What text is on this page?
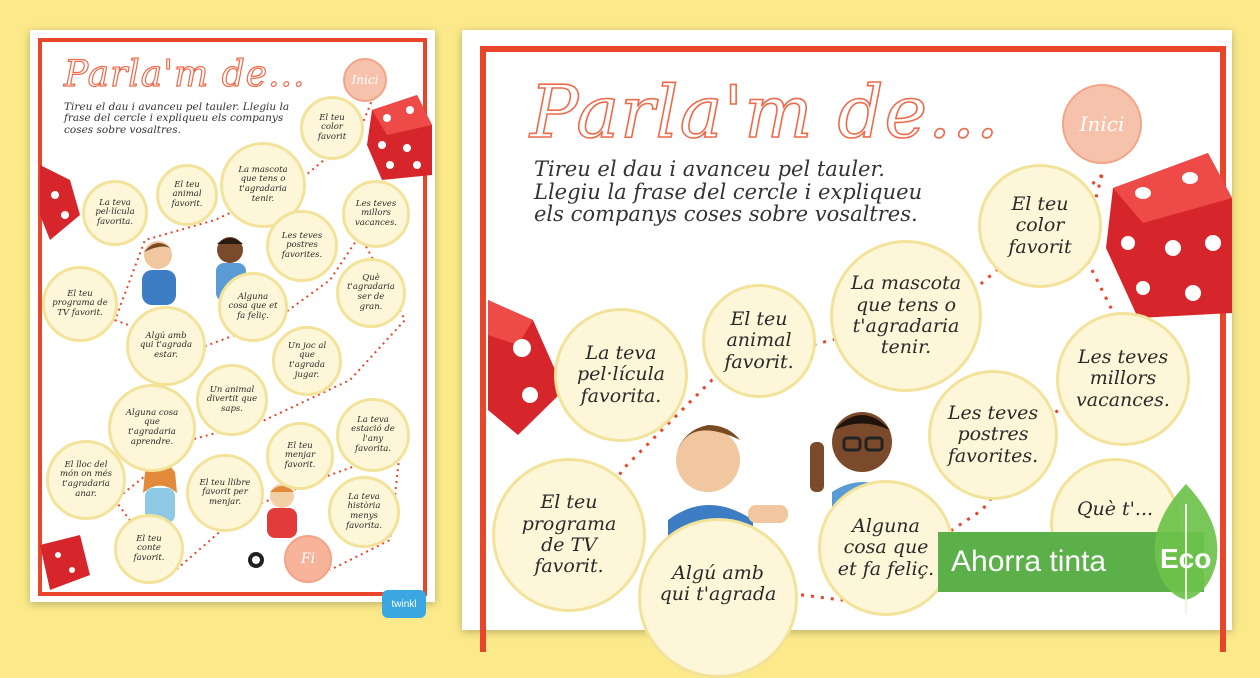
Parla'm de...	Inici
Tireu el dau i avanceu pel tauler. Llegiu la frase del cercle i expliqueu els companys coses sobre vosaltres.
Fi
twinkl
El teu color favorit
La mascota que tens o t'agradaria tenir.
El teu animal favorit.
La teva pel·lícula favorita.
Les teves millors vacances.
Les teves postres favorites.
El teu programa de TV favorit.
Què t'agradaria ser de gran.
Alguna cosa que et fa feliç.
Algú amb qui t'agrada estar.
Un joc al que t'agrada jugar.
Un animal divertit que saps.
Alguna cosa que t'agradaria aprendre.
La teva estació de l'any favorita.
El teu menjar favorit.
El lloc del món on més t'agradaria anar.
El teu llibre favorit per menjar.	La teva història menys favorita.
El teu conte favorit.
Parla'm de...	Inici
Tireu el dau i avanceu pel tauler. Llegiu la frase del cercle i expliqueu els companys coses sobre vosaltres.	El teu color favorit
La mascota que tens o t'agradaria tenir.
El teu animal favorit.
La teva pel·lícula favorita.
Les teves millors vacances.
Les teves postres favorites.
El teu programa de TV favorit.
Alguna cosa que et fa feliç.
Algú amb qui t'agrada
Què t'...
Ahorra tinta Eco
